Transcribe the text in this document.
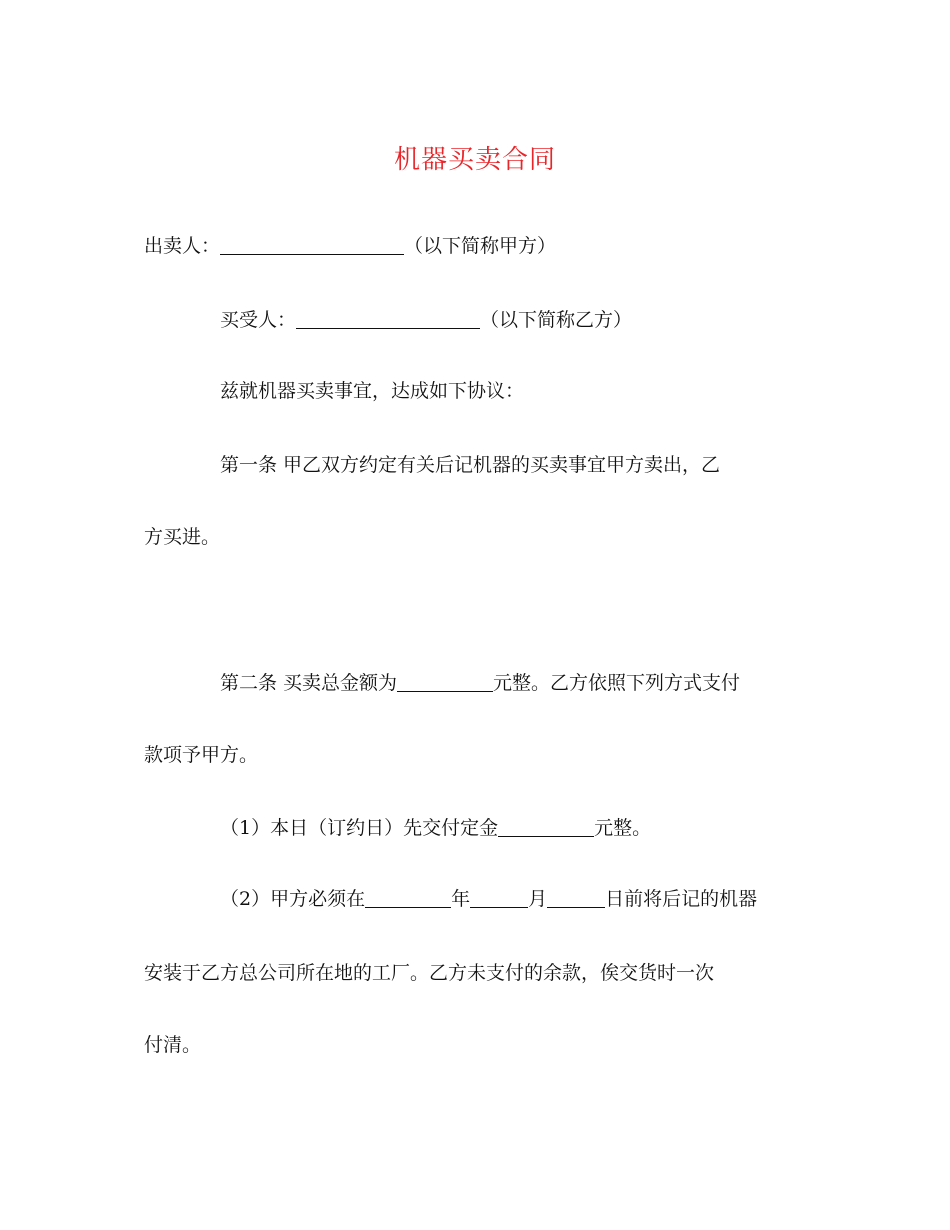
机器买卖合同
出卖人：	（以下简称甲方）
买受人：	（以下简称乙方）
兹就机器买卖事宜，达成如下协议：
第一条 甲乙双方约定有关后记机器的买卖事宜甲方卖出，乙
方买进。
第二条 买卖总金额为	元整。乙方依照下列方式支付
款项予甲方。
（1）本日（订约日）先交付定金	元整。
（2）甲方必须在	年	月	日前将后记的机器
安装于乙方总公司所在地的工厂。乙方未支付的余款，俟交货时一次
付清。
